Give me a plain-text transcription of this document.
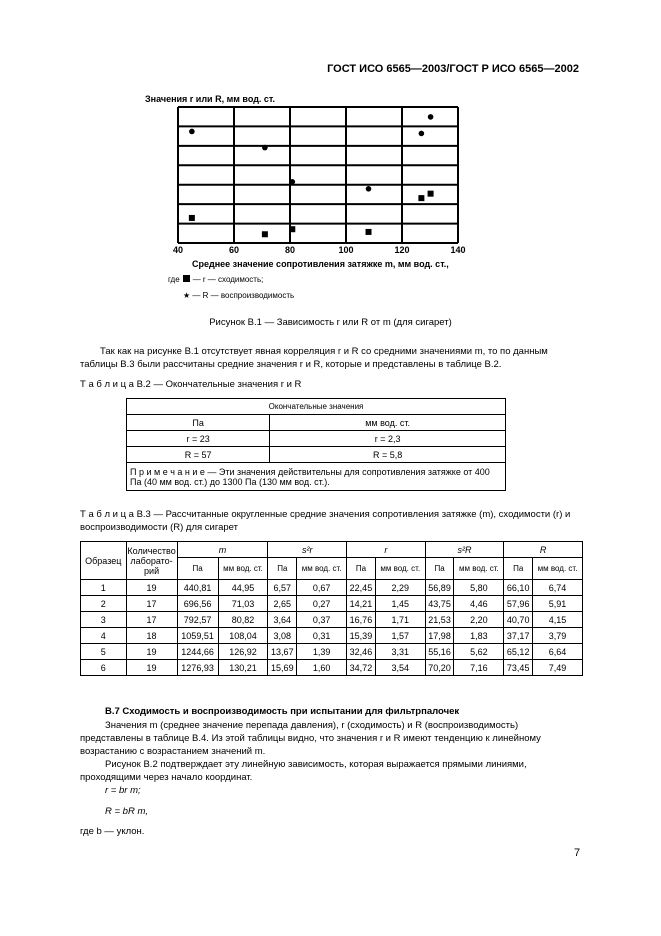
ГОСТ ИСО 6565—2003/ГОСТ Р ИСО 6565—2002
Значения r или R, мм вод. ст.
40	60	80	100	120	140
Среднее значение сопротивления затяжке m, мм вод. ст.,
где — r — сходимость;
★ — R — воспроизводимость
Рисунок В.1 — Зависимость r или R от m (для сигарет)
Так как на рисунке В.1 отсутствует явная корреляция r и R со средними значениями m, то по данным таблицы В.3 были рассчитаны средние значения r и R, которые и представлены в таблице В.2.
Т а б л и ц а В.2 — Окончательные значения r и R
Окончательные значения	
Па	мм вод. ст.
r = 23	r = 2,3
R = 57	R = 5,8
П р и м е ч а н и е — Эти значения действительны для сопротивления затяжке от 400 Па (40 мм вод. ст.) до 1300 Па (130 мм вод. ст.).	
Т а б л и ц а В.3 — Рассчитанные округленные средние значения сопротивления затяжке (m), сходимости (r) и воспроизводимости (R) для сигарет
Образец	Количество лаборато-рий	m		s²r		r		s²R		R	
		Па	мм вод. ст.	Па	мм вод. ст.	Па	мм вод. ст.	Па	мм вод. ст.	Па	мм вод. ст.
1	19	440,81	44,95	6,57	0,67	22,45	2,29	56,89	5,80	66,10	6,74
2	17	696,56	71,03	2,65	0,27	14,21	1,45	43,75	4,46	57,96	5,91
3	17	792,57	80,82	3,64	0,37	16,76	1,71	21,53	2,20	40,70	4,15
4	18	1059,51	108,04	3,08	0,31	15,39	1,57	17,98	1,83	37,17	3,79
5	19	1244,66	126,92	13,67	1,39	32,46	3,31	55,16	5,62	65,12	6,64
6	19	1276,93	130,21	15,69	1,60	34,72	3,54	70,20	7,16	73,45	7,49
В.7 Сходимость и воспроизводимость при испытании для фильтрпалочек
Значения m (среднее значение перепада давления), r (сходимость) и R (воспроизводимость) представлены в таблице В.4. Из этой таблицы видно, что значения r и R имеют тенденцию к линейному возрастанию с возрастанием значений m.
Рисунок В.2 подтверждает эту линейную зависимость, которая выражается прямыми линиями, проходящими через начало координат.
r = br m;
R = bR m,
где b — уклон.
7
